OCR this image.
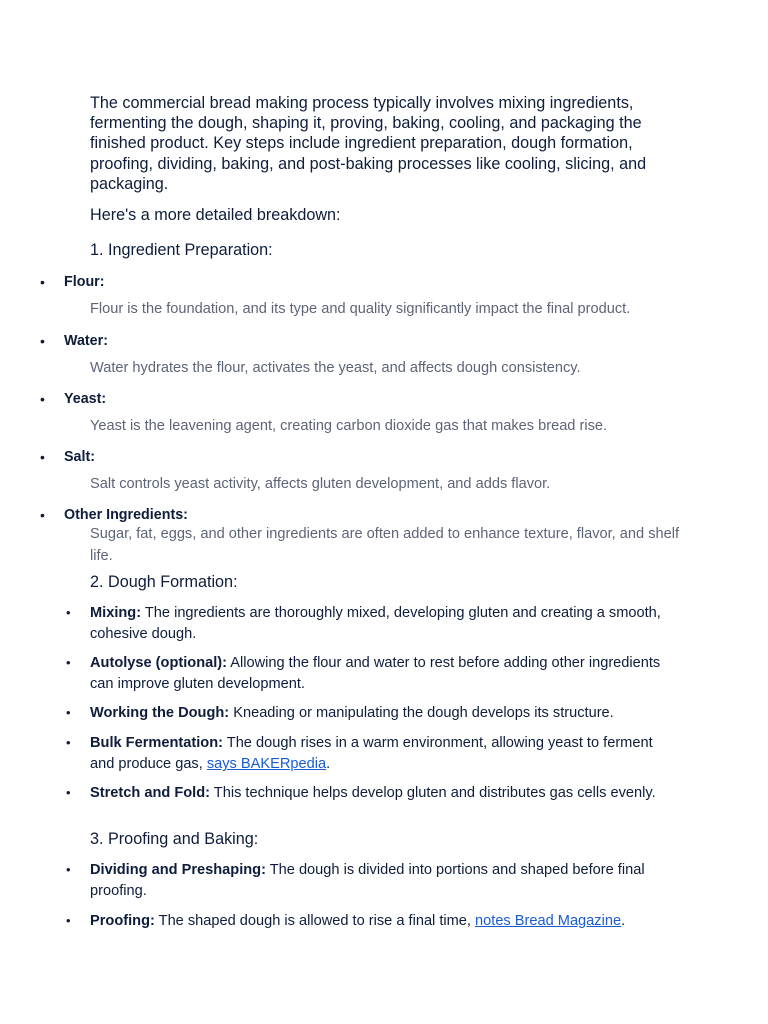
The commercial bread making process typically involves mixing ingredients, fermenting the dough, shaping it, proving, baking, cooling, and packaging the finished product. Key steps include ingredient preparation, dough formation, proofing, dividing, baking, and post-baking processes like cooling, slicing, and packaging.

Here's a more detailed breakdown:

1. Ingredient Preparation:

• Flour:
Flour is the foundation, and its type and quality significantly impact the final product.
• Water:
Water hydrates the flour, activates the yeast, and affects dough consistency.
• Yeast:
Yeast is the leavening agent, creating carbon dioxide gas that makes bread rise.
• Salt:
Salt controls yeast activity, affects gluten development, and adds flavor.
• Other Ingredients:
Sugar, fat, eggs, and other ingredients are often added to enhance texture, flavor, and shelf life.

2. Dough Formation:

• Mixing: The ingredients are thoroughly mixed, developing gluten and creating a smooth, cohesive dough.
• Autolyse (optional): Allowing the flour and water to rest before adding other ingredients can improve gluten development.
• Working the Dough: Kneading or manipulating the dough develops its structure.
• Bulk Fermentation: The dough rises in a warm environment, allowing yeast to ferment and produce gas, says BAKERpedia.
• Stretch and Fold: This technique helps develop gluten and distributes gas cells evenly.

3. Proofing and Baking:

• Dividing and Preshaping: The dough is divided into portions and shaped before final proofing.
• Proofing: The shaped dough is allowed to rise a final time, notes Bread Magazine.
